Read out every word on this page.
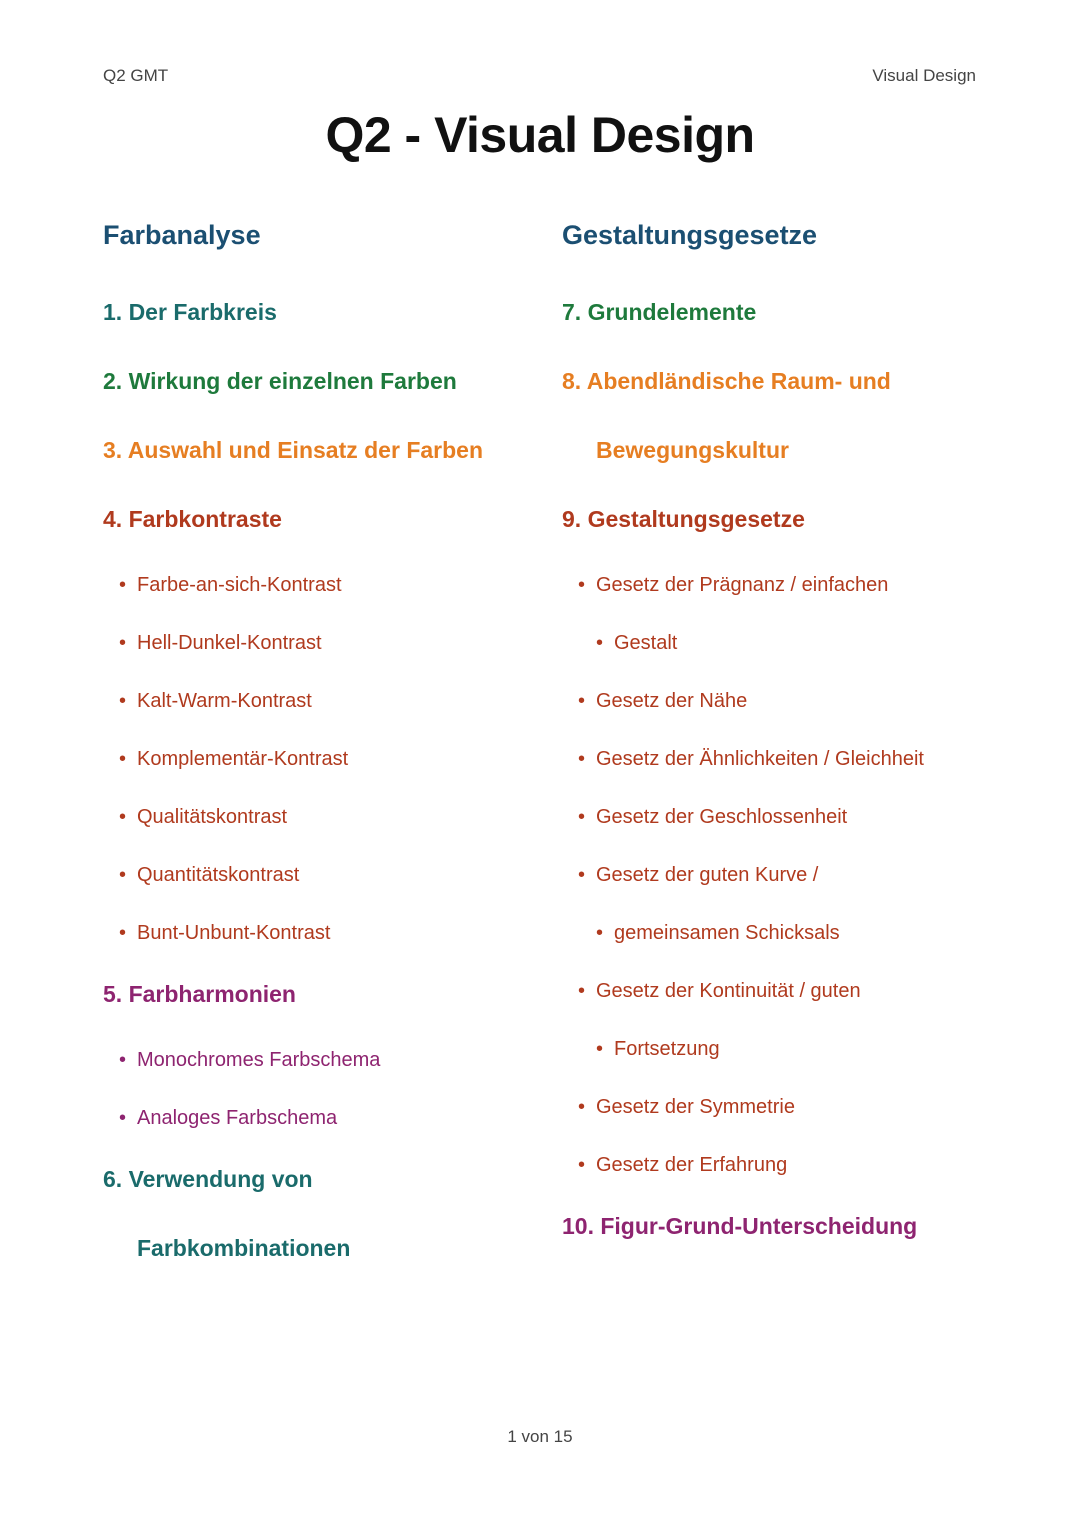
Q2 GMT	Visual Design
Q2 - Visual Design
Farbanalyse
1. Der Farbkreis
2. Wirkung der einzelnen Farben
3. Auswahl und Einsatz der Farben
4. Farbkontraste
• Farbe-an-sich-Kontrast
• Hell-Dunkel-Kontrast
• Kalt-Warm-Kontrast
• Komplementär-Kontrast
• Qualitätskontrast
• Quantitätskontrast
• Bunt-Unbunt-Kontrast
5. Farbharmonien
• Monochromes Farbschema
• Analoges Farbschema
6. Verwendung von
Farbkombinationen
Gestaltungsgesetze
7. Grundelemente
8. Abendländische Raum- und
Bewegungskultur
9. Gestaltungsgesetze
• Gesetz der Prägnanz / einfachen
• Gestalt
• Gesetz der Nähe
• Gesetz der Ähnlichkeiten / Gleichheit
• Gesetz der Geschlossenheit
• Gesetz der guten Kurve /
• gemeinsamen Schicksals
• Gesetz der Kontinuität / guten
• Fortsetzung
• Gesetz der Symmetrie
• Gesetz der Erfahrung
10. Figur-Grund-Unterscheidung
1 von 15
